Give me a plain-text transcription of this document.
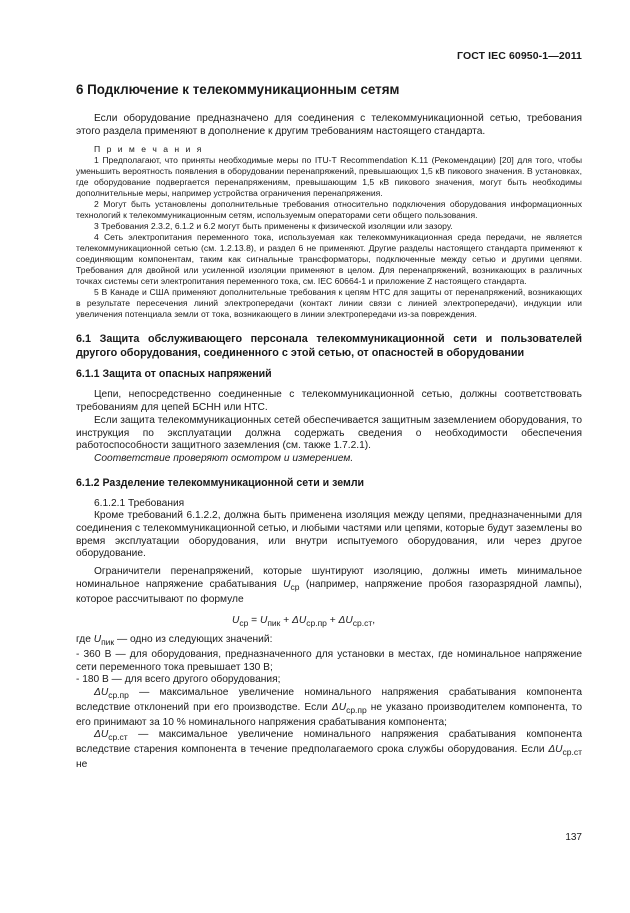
ГОСТ IEC 60950-1—2011
6 Подключение к телекоммуникационным сетям

Если оборудование предназначено для соединения с телекоммуникационной сетью, требования этого раздела применяют в дополнение к другим требованиям настоящего стандарта.

П р и м е ч а н и я

1 Предполагают, что приняты необходимые меры по ITU-T Recommendation K.11 (Рекомендации) [20] для того, чтобы уменьшить вероятность появления в оборудовании перенапряжений, превышающих 1,5 кВ пикового значения. В установках, где оборудование подвергается перенапряжениям, превышающим 1,5 кВ пикового значения, могут быть необходимы дополнительные меры, например устройства ограничения перенапряжения.

2 Могут быть установлены дополнительные требования относительно подключения оборудования информационных технологий к телекоммуникационным сетям, используемым операторами сети общего пользования.

3 Требования 2.3.2, 6.1.2 и 6.2 могут быть применены к физической изоляции или зазору.

4 Сеть электропитания переменного тока, используемая как телекоммуникационная среда передачи, не является телекоммуникационной сетью (см. 1.2.13.8), и раздел 6 не применяют. Другие разделы настоящего стандарта применяют к соединяющим компонентам, таким как сигнальные трансформаторы, подключенные между сетью и другими цепями. Требования для двойной или усиленной изоляции применяют в целом. Для перенапряжений, возникающих в различных точках системы сети электропитания переменного тока, см. IEC 60664-1 и приложение Z настоящего стандарта.

5 В Канаде и США применяют дополнительные требования к цепям НТС для защиты от перенапряжений, возникающих в результате пересечения линий электропередачи (контакт линии связи с линией электропередачи), индукции или увеличения потенциала земли от тока, возникающего в линии электропередачи из-за повреждения.

6.1 Защита обслуживающего персонала телекоммуникационной сети и пользователей другого оборудования, соединенного с этой сетью, от опасностей в оборудовании
6.1.1 Защита от опасных напряжений

Цепи, непосредственно соединенные с телекоммуникационной сетью, должны соответствовать требованиям для цепей БСНН или НТС.

Если защита телекоммуникационных сетей обеспечивается защитным заземлением оборудования, то инструкция по эксплуатации должна содержать сведения о необходимости обеспечения работоспособности защитного заземления (см. также 1.7.2.1).

Соответствие проверяют осмотром и измерением.

6.1.2 Разделение телекоммуникационной сети и земли

6.1.2.1 Требования

Кроме требований 6.1.2.2, должна быть применена изоляция между цепями, предназначенными для соединения с телекоммуникационной сетью, и любыми частями или цепями, которые будут заземлены во время эксплуатации оборудования, или внутри испытуемого оборудования, или через другое оборудование.

Ограничители перенапряжений, которые шунтируют изоляцию, должны иметь минимальное номинальное напряжение срабатывания $U_{ср}$ (например, напряжение пробоя газоразрядной лампы), которое рассчитывают по формуле

$U_{ср} = U_{пик} + \Delta U_{ср.пр} + \Delta U_{ср.ст}$,

где $U_{пик}$ — одно из следующих значений:

- 360 В — для оборудования, предназначенного для установки в местах, где номинальное напряжение сети переменного тока превышает 130 В;

- 180 В — для всего другого оборудования;

$\Delta U_{ср.пр}$ — максимальное увеличение номинального напряжения срабатывания компонента вследствие отклонений при его производстве. Если $\Delta U_{ср.пр}$ не указано производителем компонента, то его принимают за 10 % номинального напряжения срабатывания компонента;

$\Delta U_{ср.ст}$ — максимальное увеличение номинального напряжения срабатывания компонента вследствие старения компонента в течение предполагаемого срока службы оборудования. Если $\Delta U_{ср.ст}$ не

137
